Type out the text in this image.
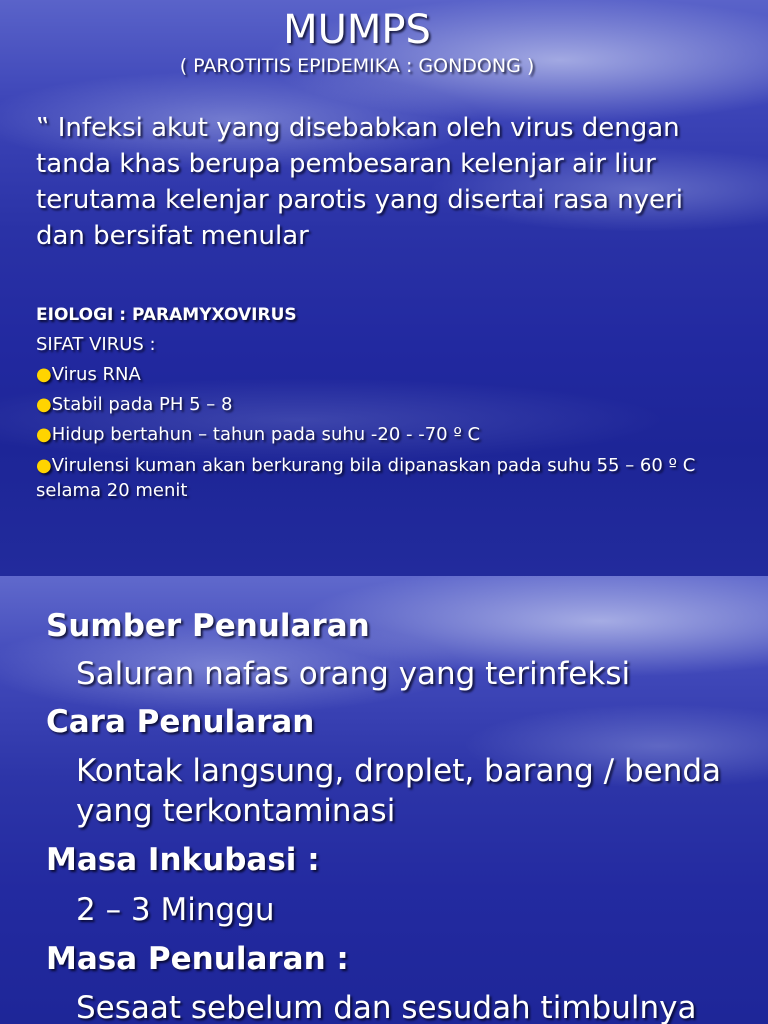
MUMPS
( PAROTITIS EPIDEMIKA : GONDONG )
‟ Infeksi akut yang disebabkan oleh virus dengan tanda khas berupa pembesaran kelenjar air liur terutama kelenjar parotis yang disertai rasa nyeri dan bersifat menular
EIOLOGI : PARAMYXOVIRUS
SIFAT VIRUS :
●Virus RNA
●Stabil pada PH 5 – 8
●Hidup bertahun – tahun pada suhu -20 - -70 º C
●Virulensi kuman akan berkurang bila dipanaskan pada suhu 55 – 60 º C selama 20 menit
Sumber Penularan
Saluran nafas orang yang terinfeksi
Cara Penularan
Kontak langsung, droplet, barang / benda yang terkontaminasi
Masa Inkubasi :
2 – 3 Minggu
Masa Penularan :
Sesaat sebelum dan sesudah timbulnya
